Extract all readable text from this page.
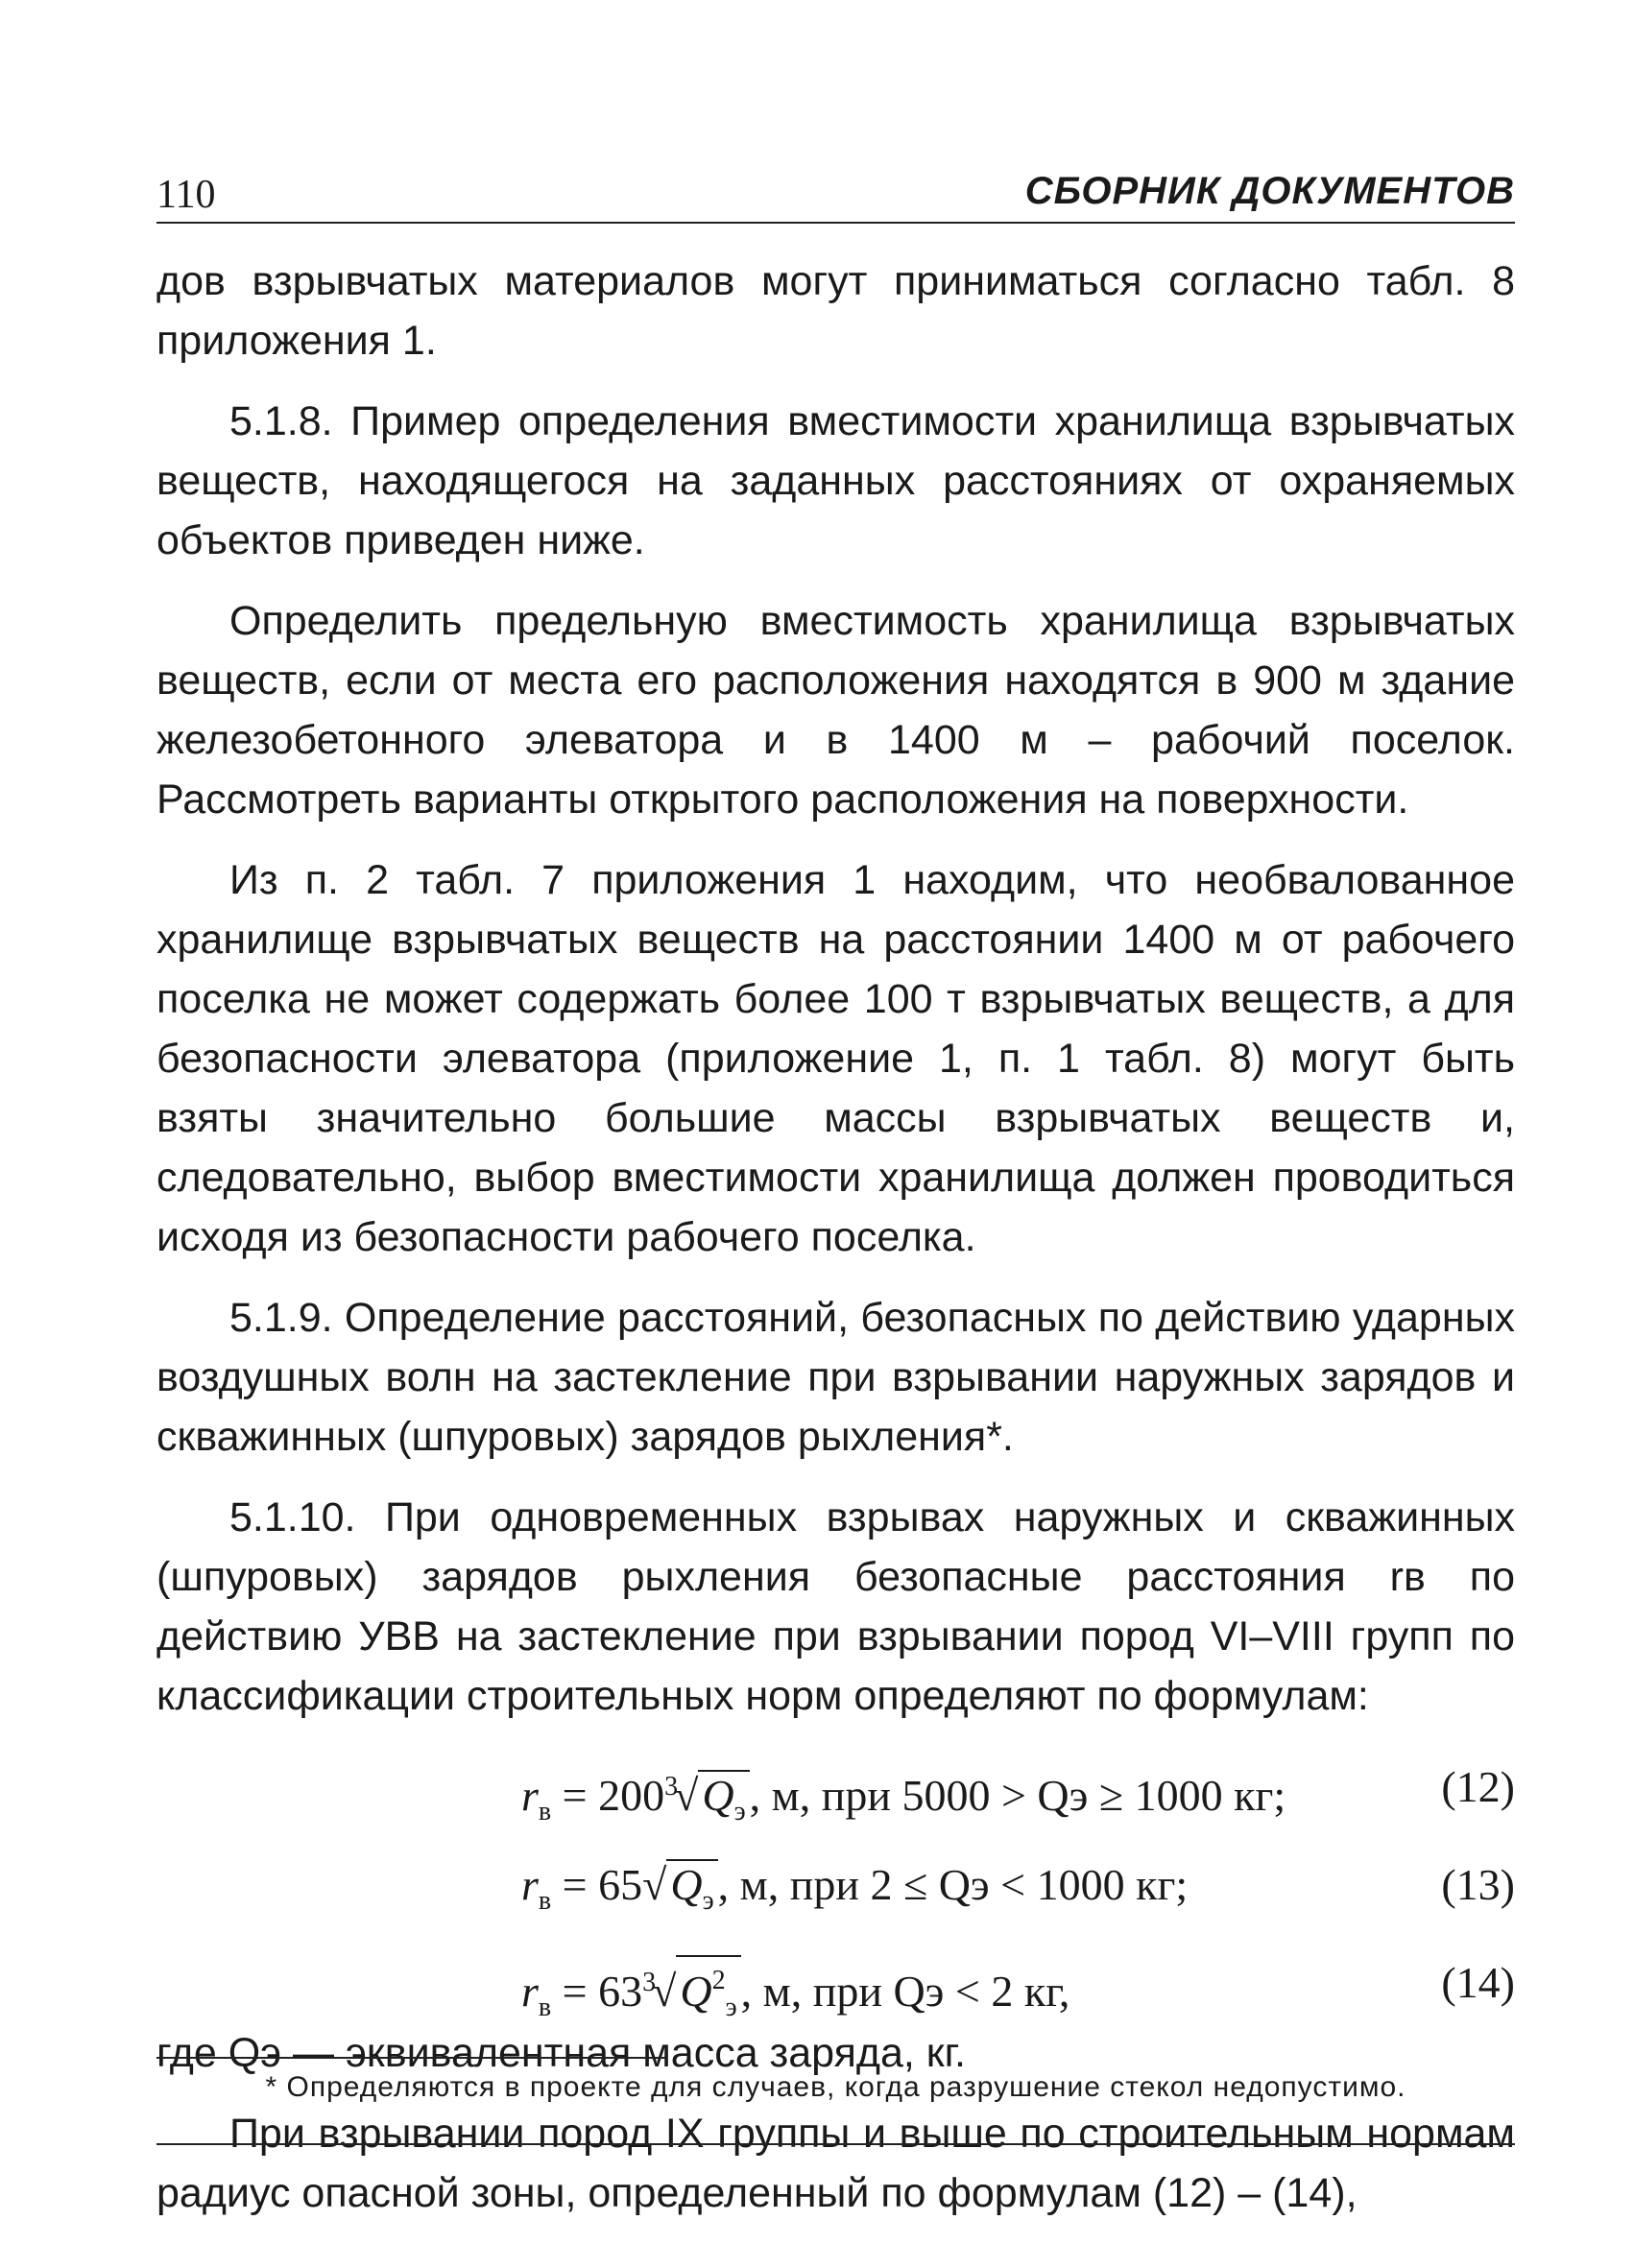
110	СБОРНИК ДОКУМЕНТОВ

дов взрывчатых материалов могут приниматься согласно табл. 8 приложения 1.

5.1.8. Пример определения вместимости хранилища взрывчатых веществ, находящегося на заданных расстояниях от охраняемых объектов приведен ниже.

Определить предельную вместимость хранилища взрывчатых веществ, если от места его расположения находятся в 900 м здание железобетонного элеватора и в 1400 м – рабочий поселок. Рассмотреть варианты открытого расположения на поверхности.

Из п. 2 табл. 7 приложения 1 находим, что необвалованное хранилище взрывчатых веществ на расстоянии 1400 м от рабочего поселка не может содержать более 100 т взрывчатых веществ, а для безопасности элеватора (приложение 1, п. 1 табл. 8) могут быть взяты значительно большие массы взрывчатых веществ и, следовательно, выбор вместимости хранилища должен проводиться исходя из безопасности рабочего поселка.

5.1.9. Определение расстояний, безопасных по действию ударных воздушных волн на застекление при взрывании наружных зарядов и скважинных (шпуровых) зарядов рыхления*.

5.1.10. При одновременных взрывах наружных и скважинных (шпуровых) зарядов рыхления безопасные расстояния rв по действию УВВ на застекление при взрывании пород VI–VIII групп по классификации строительных норм определяют по формулам:

$r_в = 200^3√Q_э$, м, при 5000 > Qэ ≥ 1000 кг;	(12)
$r_в = 65√Q_э$, м, при 2 ≤ Qэ < 1000 кг;	(13)
$r_в = 63^3√Q^2_э$, м, при Qэ < 2 кг,	(14)

где Qэ — эквивалентная масса заряда, кг.

При взрывании пород IX группы и выше по строительным нормам радиус опасной зоны, определенный по формулам (12) – (14),

* Определяются в проекте для случаев, когда разрушение стекол недопустимо.
